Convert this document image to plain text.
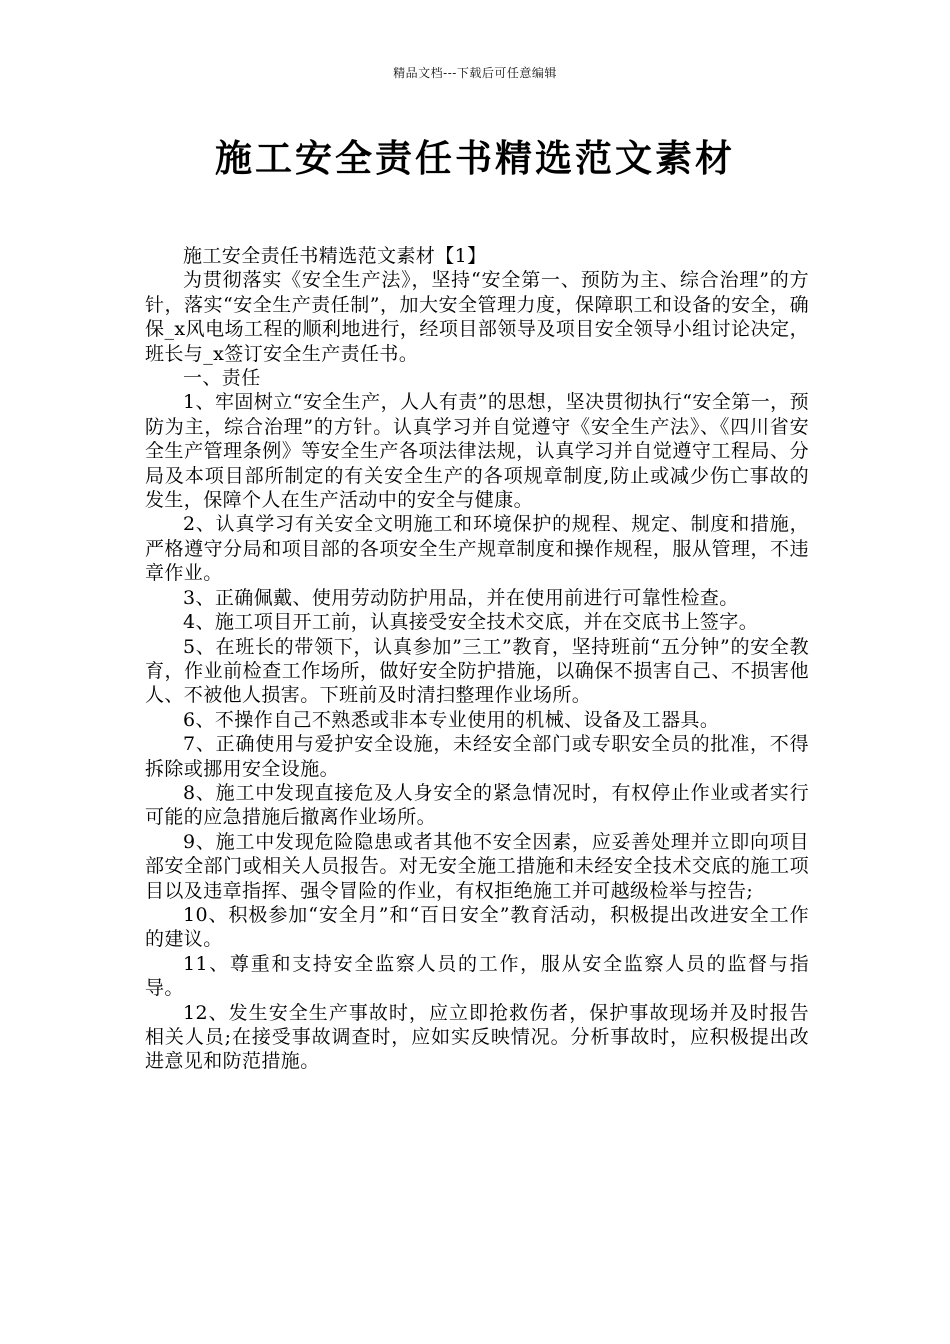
精品文档---下载后可任意编辑
施工安全责任书精选范文素材

施工安全责任书精选范文素材【1】

为贯彻落实《安全生产法》，坚持“安全第一、预防为主、综合治理”的方针，落实“安全生产责任制”，加大安全管理力度，保障职工和设备的安全，确保_x风电场工程的顺利地进行，经项目部领导及项目安全领导小组讨论决定，班长与_x签订安全生产责任书。

一、责任

1、牢固树立“安全生产，人人有责”的思想，坚决贯彻执行“安全第一，预防为主，综合治理”的方针。认真学习并自觉遵守《安全生产法》、《四川省安全生产管理条例》等安全生产各项法律法规，认真学习并自觉遵守工程局、分局及本项目部所制定的有关安全生产的各项规章制度,防止或减少伤亡事故的发生，保障个人在生产活动中的安全与健康。

2、认真学习有关安全文明施工和环境保护的规程、规定、制度和措施，严格遵守分局和项目部的各项安全生产规章制度和操作规程，服从管理，不违章作业。

3、正确佩戴、使用劳动防护用品，并在使用前进行可靠性检查。

4、施工项目开工前，认真接受安全技术交底，并在交底书上签字。

5、在班长的带领下，认真参加”三工”教育，坚持班前“五分钟”的安全教育，作业前检查工作场所，做好安全防护措施，以确保不损害自己、不损害他人、不被他人损害。下班前及时清扫整理作业场所。

6、不操作自己不熟悉或非本专业使用的机械、设备及工器具。

7、正确使用与爱护安全设施，未经安全部门或专职安全员的批准，不得拆除或挪用安全设施。

8、施工中发现直接危及人身安全的紧急情况时，有权停止作业或者实行可能的应急措施后撤离作业场所。

9、施工中发现危险隐患或者其他不安全因素，应妥善处理并立即向项目部安全部门或相关人员报告。对无安全施工措施和未经安全技术交底的施工项目以及违章指挥、强令冒险的作业，有权拒绝施工并可越级检举与控告;

10、积极参加“安全月”和“百日安全”教育活动，积极提出改进安全工作的建议。

11、尊重和支持安全监察人员的工作，服从安全监察人员的监督与指导。

12、发生安全生产事故时，应立即抢救伤者，保护事故现场并及时报告相关人员;在接受事故调查时，应如实反映情况。分析事故时，应积极提出改进意见和防范措施。
